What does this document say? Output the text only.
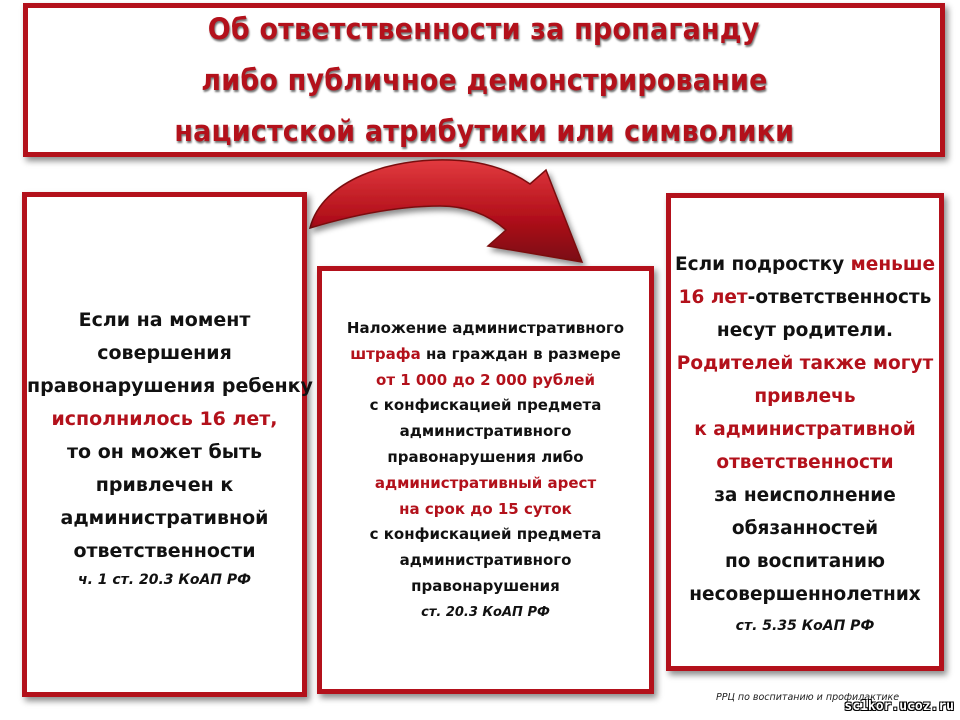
Об ответственности за пропаганду
либо публичное демонстрирование
нацистской атрибутики или символики
Если на момент
совершения
правонарушения ребенку
исполнилось 16 лет,
то он может быть
привлечен к
административной
ответственности
ч. 1 ст. 20.3 КоАП РФ
Наложение административного
штрафа на граждан в размере
от 1 000 до 2 000 рублей
с конфискацией предмета
административного
правонарушения либо
административный арест
на срок до 15 суток
с конфискацией предмета
административного
правонарушения
ст. 20.3 КоАП РФ
Если подростку меньше
16 лет-ответственность
несут родители.
Родителей также могут
привлечь
к административной
ответственности
за неисполнение
обязанностей
по воспитанию
несовершеннолетних
ст. 5.35 КоАП РФ
РРЦ по воспитанию и профилактике
sc1kor.ucoz.ru
